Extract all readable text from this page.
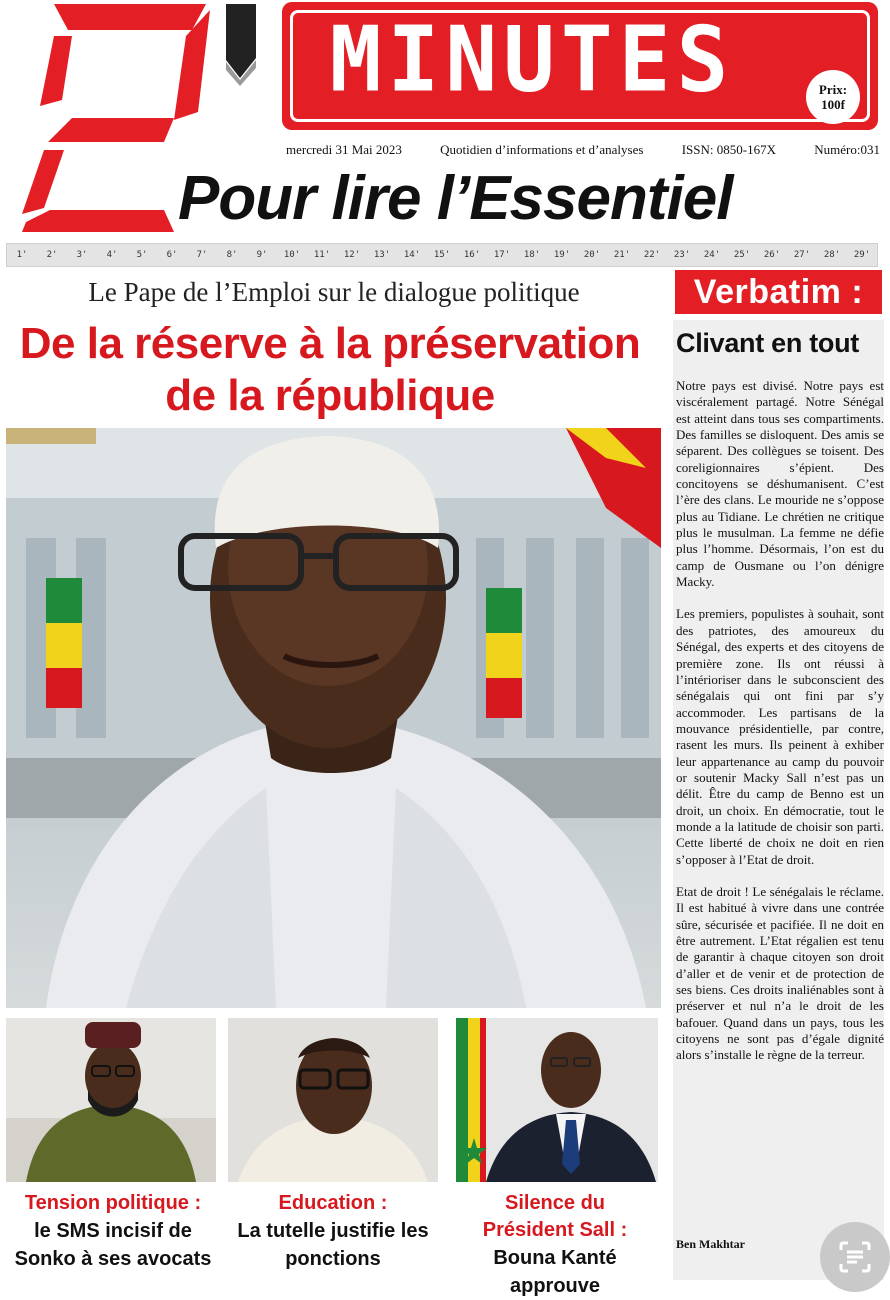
MINUTES	Prix:
100f
mercredi 31 Mai 2023	Quotidien d’informations et d’analyses	ISSN: 0850-167X	Numéro:031
Pour lire l’Essentiel
1'	2'	3'	4'	5'	6'	7'	8'	9'	10'	11'	12'	13'	14'	15'	16'	17'	18'	19'	20'	21'	22'	23'	24'	25'	26'	27'	28'	29'
Le Pape de l’Emploi sur le dialogue politique
De la réserve à la préservation
de la république
Verbatim :
Clivant en tout

Notre pays est divisé. Notre pays est viscéralement partagé. Notre Sénégal est atteint dans tous ses compartiments. Des familles se disloquent. Des amis se séparent. Des collègues se toisent. Des coreligionnaires s’épient. Des concitoyens se déshumanisent. C’est l’ère des clans. Le mouride ne s’oppose plus au Tidiane. Le chrétien ne critique plus le musulman. La femme ne défie plus l’homme. Désormais, l’on est du camp de Ousmane ou l’on dénigre Macky.

Les premiers, populistes à souhait, sont des patriotes, des amoureux du Sénégal, des experts et des citoyens de première zone. Ils ont réussi à l’intérioriser dans le subconscient des sénégalais qui ont fini par s’y accommoder. Les partisans de la mouvance présidentielle, par contre, rasent les murs. Ils peinent à exhiber leur appartenance au camp du pouvoir or soutenir Macky Sall n’est pas un délit. Être du camp de Benno est un droit, un choix. En démocratie, tout le monde a la latitude de choisir son parti. Cette liberté de choix ne doit en rien s’opposer à l’Etat de droit.

Etat de droit ! Le sénégalais le réclame. Il est habitué à vivre dans une contrée sûre, sécurisée et pacifiée. Il ne doit en être autrement. L’Etat régalien est tenu de garantir à chaque citoyen son droit d’aller et de venir et de protection de ses biens. Ces droits inaliénables sont à préserver et nul n’a le droit de les bafouer. Quand dans un pays, tous les citoyens ne sont pas d’égale dignité alors s’installe le règne de la terreur.

Ben Makhtar
Tension politique :
le SMS incisif de
Sonko à ses avocats
Education :
La tutelle justifie les
ponctions
Silence du
Président Sall :
Bouna Kanté approuve
